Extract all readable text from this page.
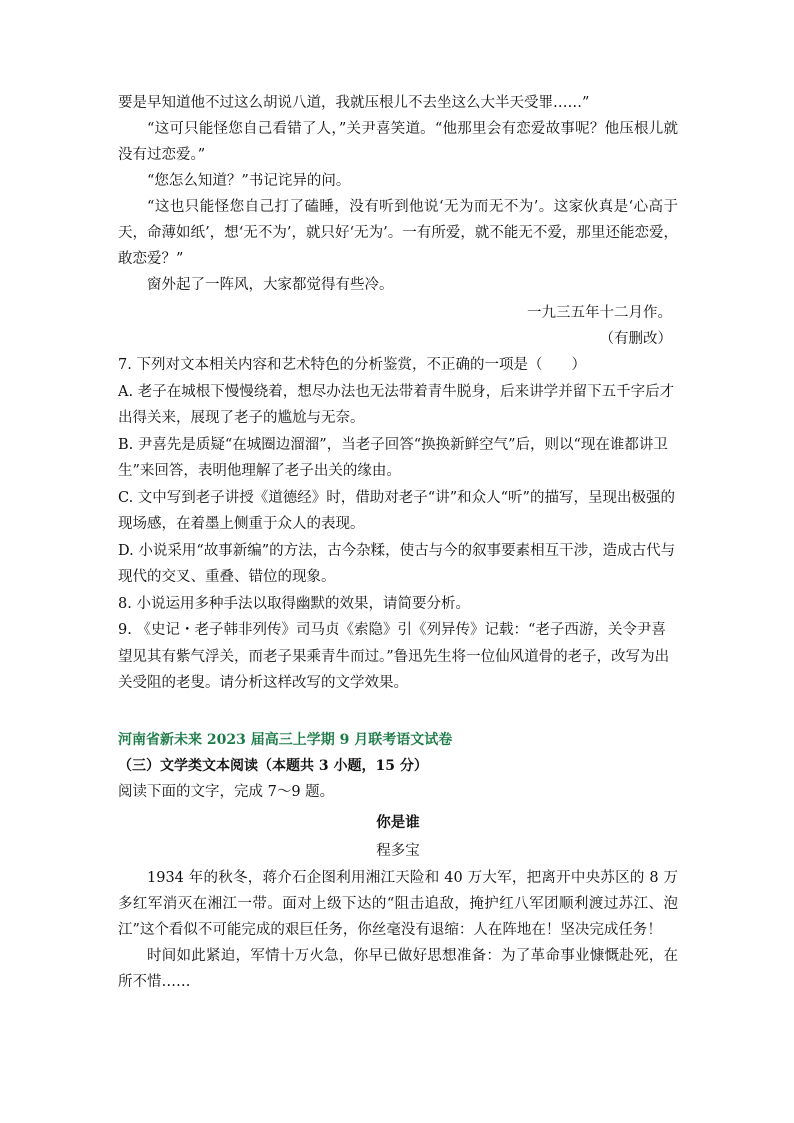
要是早知道他不过这么胡说八道，我就压根儿不去坐这么大半天受罪……”

“这可只能怪您自己看错了人，”关尹喜笑道。“他那里会有恋爱故事呢？他压根儿就没有过恋爱。”

“您怎么知道？”书记诧异的问。

“这也只能怪您自己打了磕睡，没有听到他说‘无为而无不为’。这家伙真是‘心高于天，命薄如纸’，想‘无不为’，就只好‘无为’。一有所爱，就不能无不爱，那里还能恋爱，敢恋爱？”

窗外起了一阵风，大家都觉得有些冷。

一九三五年十二月作。

（有删改）

7. 下列对文本相关内容和艺术特色的分析鉴赏，不正确的一项是（　　）

A. 老子在城根下慢慢绕着，想尽办法也无法带着青牛脱身，后来讲学并留下五千字后才出得关来，展现了老子的尴尬与无奈。

B. 尹喜先是质疑“在城圈边溜溜”，当老子回答“换换新鲜空气”后，则以“现在谁都讲卫生”来回答，表明他理解了老子出关的缘由。

C. 文中写到老子讲授《道德经》时，借助对老子“讲”和众人“听”的描写，呈现出极强的现场感，在着墨上侧重于众人的表现。

D. 小说采用“故事新编”的方法，古今杂糅，使古与今的叙事要素相互干涉，造成古代与现代的交叉、重叠、错位的现象。

8. 小说运用多种手法以取得幽默的效果，请简要分析。

9. 《史记・老子韩非列传》司马贞《索隐》引《列异传》记载：“老子西游，关令尹喜望见其有紫气浮关，而老子果乘青牛而过。”鲁迅先生将一位仙风道骨的老子，改写为出关受阻的老叟。请分析这样改写的文学效果。

河南省新未来 2023 届高三上学期 9 月联考语文试卷
（三）文学类文本阅读（本题共 3 小题，15 分）
阅读下面的文字，完成 7～9 题。
你是谁
程多宝

1934 年的秋冬，蒋介石企图利用湘江天险和 40 万大军，把离开中央苏区的 8 万多红军消灭在湘江一带。面对上级下达的“阻击追敌，掩护红八军团顺利渡过苏江、泡江”这个看似不可能完成的艰巨任务，你丝毫没有退缩：人在阵地在！坚决完成任务！

时间如此紧迫，军情十万火急，你早已做好思想准备：为了革命事业慷慨赴死，在所不惜……
